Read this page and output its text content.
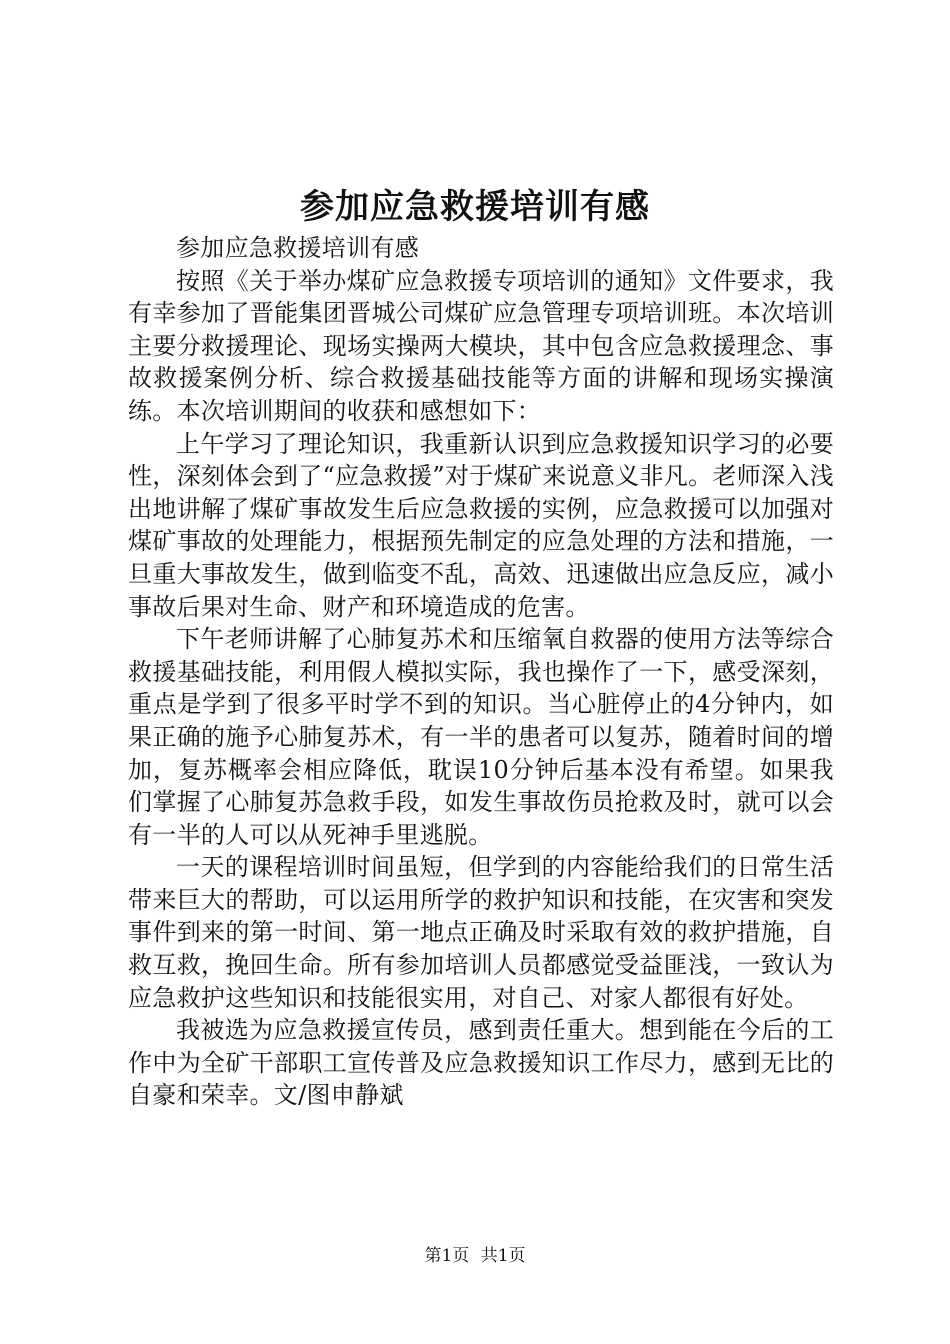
参加应急救援培训有感

参加应急救援培训有感

按照《关于举办煤矿应急救援专项培训的通知》文件要求，我有幸参加了晋能集团晋城公司煤矿应急管理专项培训班。本次培训主要分救援理论、现场实操两大模块，其中包含应急救援理念、事故救援案例分析、综合救援基础技能等方面的讲解和现场实操演练。本次培训期间的收获和感想如下：

上午学习了理论知识，我重新认识到应急救援知识学习的必要性，深刻体会到了“应急救援”对于煤矿来说意义非凡。老师深入浅出地讲解了煤矿事故发生后应急救援的实例，应急救援可以加强对煤矿事故的处理能力，根据预先制定的应急处理的方法和措施，一旦重大事故发生，做到临变不乱，高效、迅速做出应急反应，减小事故后果对生命、财产和环境造成的危害。

下午老师讲解了心肺复苏术和压缩氧自救器的使用方法等综合救援基础技能，利用假人模拟实际，我也操作了一下，感受深刻，重点是学到了很多平时学不到的知识。当心脏停止的4分钟内，如果正确的施予心肺复苏术，有一半的患者可以复苏，随着时间的增加，复苏概率会相应降低，耽误10分钟后基本没有希望。如果我们掌握了心肺复苏急救手段，如发生事故伤员抢救及时，就可以会有一半的人可以从死神手里逃脱。

一天的课程培训时间虽短，但学到的内容能给我们的日常生活带来巨大的帮助，可以运用所学的救护知识和技能，在灾害和突发事件到来的第一时间、第一地点正确及时采取有效的救护措施，自救互救，挽回生命。所有参加培训人员都感觉受益匪浅，一致认为应急救护这些知识和技能很实用，对自己、对家人都很有好处。

我被选为应急救援宣传员，感到责任重大。想到能在今后的工作中为全矿干部职工宣传普及应急救援知识工作尽力，感到无比的自豪和荣幸。文/图申静斌

第1页 共1页
